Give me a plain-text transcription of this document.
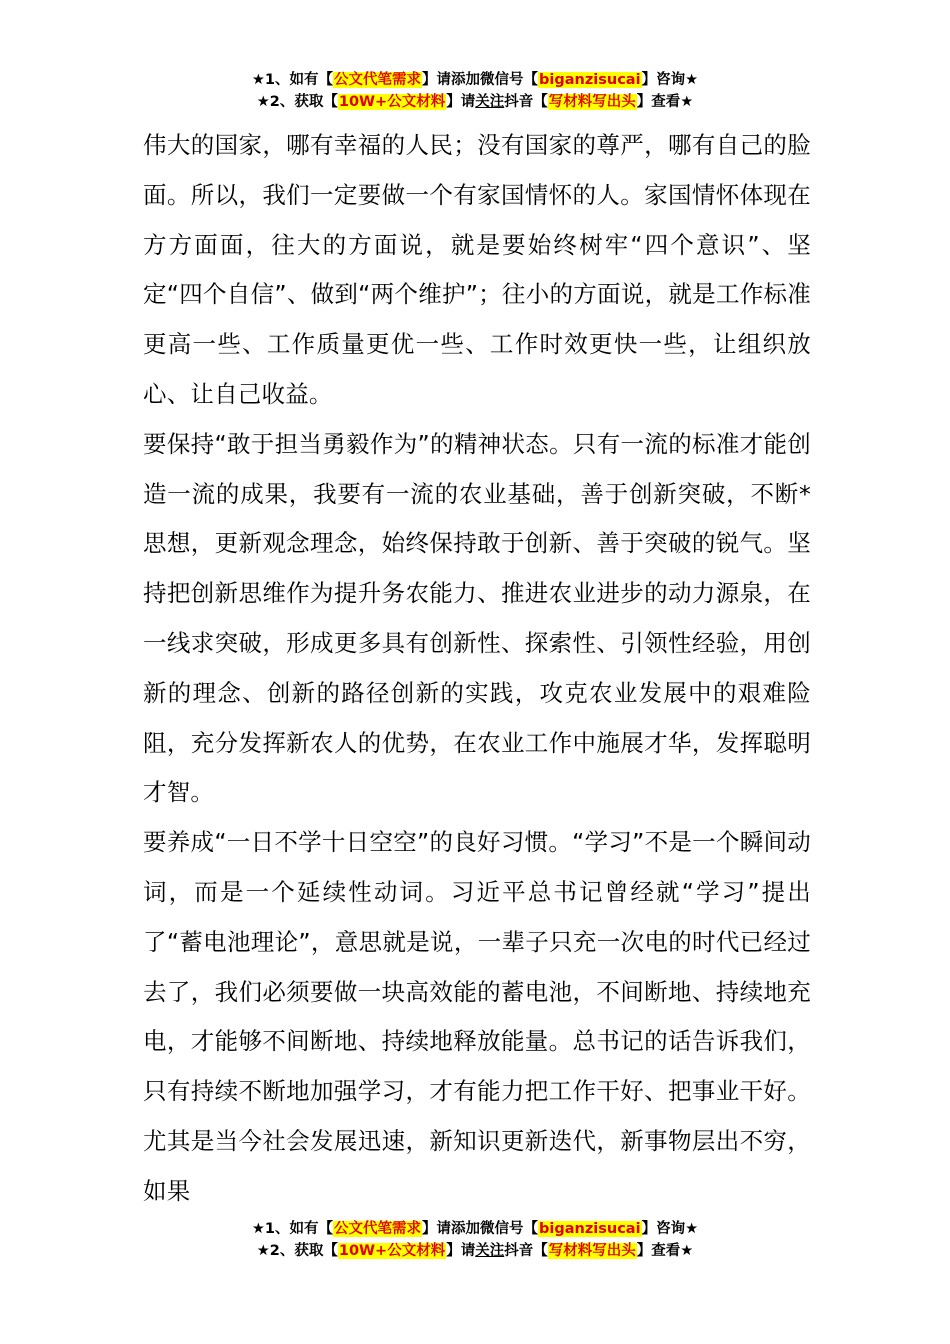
★1、如有【公文代笔需求】请添加微信号【biganzisucai】咨询★
★2、获取【10W+公文材料】请关注抖音【写材料写出头】查看★

伟大的国家，哪有幸福的人民；没有国家的尊严，哪有自己的脸面。所以，我们一定要做一个有家国情怀的人。家国情怀体现在方方面面，往大的方面说，就是要始终树牢“四个意识”、坚定“四个自信”、做到“两个维护”；往小的方面说，就是工作标准更高一些、工作质量更优一些、工作时效更快一些，让组织放心、让自己收益。

要保持“敢于担当勇毅作为”的精神状态。只有一流的标准才能创造一流的成果，我要有一流的农业基础，善于创新突破，不断*思想，更新观念理念，始终保持敢于创新、善于突破的锐气。坚持把创新思维作为提升务农能力、推进农业进步的动力源泉，在一线求突破，形成更多具有创新性、探索性、引领性经验，用创新的理念、创新的路径创新的实践，攻克农业发展中的艰难险阻，充分发挥新农人的优势，在农业工作中施展才华，发挥聪明才智。

要养成“一日不学十日空空”的良好习惯。“学习”不是一个瞬间动词，而是一个延续性动词。习近平总书记曾经就“学习”提出了“蓄电池理论”，意思就是说，一辈子只充一次电的时代已经过去了，我们必须要做一块高效能的蓄电池，不间断地、持续地充电，才能够不间断地、持续地释放能量。总书记的话告诉我们，只有持续不断地加强学习，才有能力把工作干好、把事业干好。尤其是当今社会发展迅速，新知识更新迭代，新事物层出不穷，如果

★1、如有【公文代笔需求】请添加微信号【biganzisucai】咨询★
★2、获取【10W+公文材料】请关注抖音【写材料写出头】查看★
